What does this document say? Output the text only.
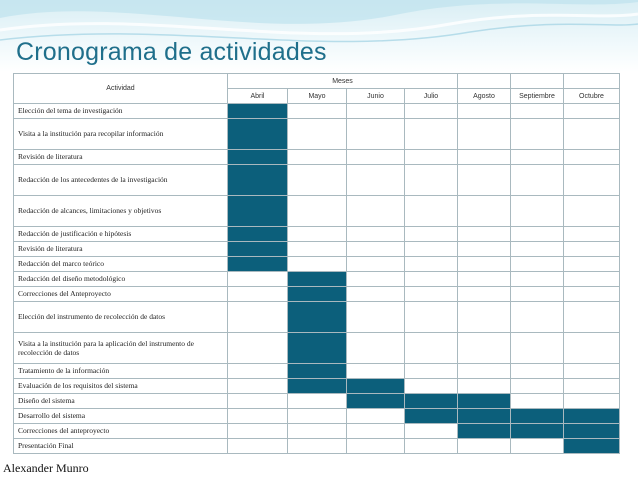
Cronograma de actividades
Actividad	Meses						
	Abril	Mayo	Junio	Julio	Agosto	Septiembre	Octubre
Elección del tema de investigación							
Visita a la institución para recopilar información							
Revisión de literatura							
Redacción de los antecedentes de la investigación							
Redacción de alcances, limitaciones y objetivos							
Redacción de justificación e hipótesis							
Revisión de literatura							
Redacción del marco teórico							
Redacción del diseño metodológico							
Correcciones del Anteproyecto							
Elección del instrumento de recolección de datos							
Visita a la institución para la aplicación del instrumento de recolección de datos							
Tratamiento de la información							
Evaluación de los requisitos del sistema							
Diseño del sistema							
Desarrollo del sistema							
Correcciones del anteproyecto							
Presentación Final							
Alexander Munro
